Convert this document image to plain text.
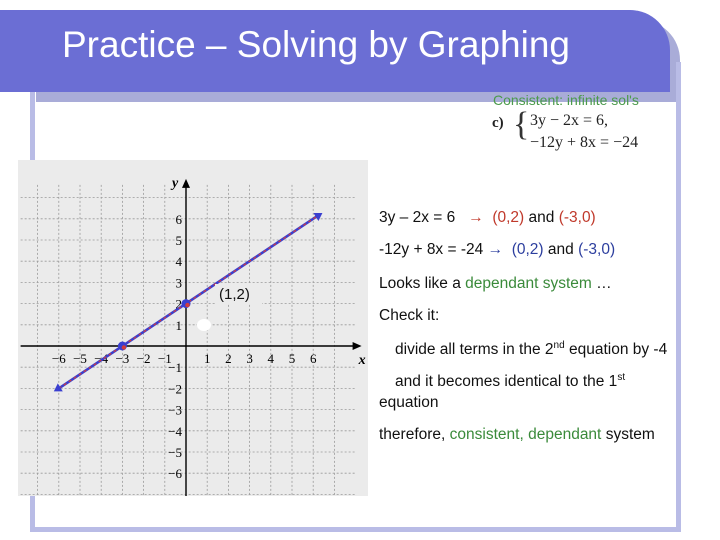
Practice – Solving by Graphing
Consistent: infinite sol's
c) { 3y − 2x = 6,
−12y + 8x = −24
x
y
6
5
4
3
2
1
−1
−2
−3
−4
−5
−6
−6 −5 −4 −3 −2 −1 1 2 3 4 5 6
(1,2)
3y – 2x = 6 → (0,2) and (-3,0)
-12y + 8x = -24 → (0,2) and (-3,0)
Looks like a dependant system …
Check it:
divide all terms in the 2nd equation by -4
and it becomes identical to the 1st
equation
therefore, consistent, dependant system
